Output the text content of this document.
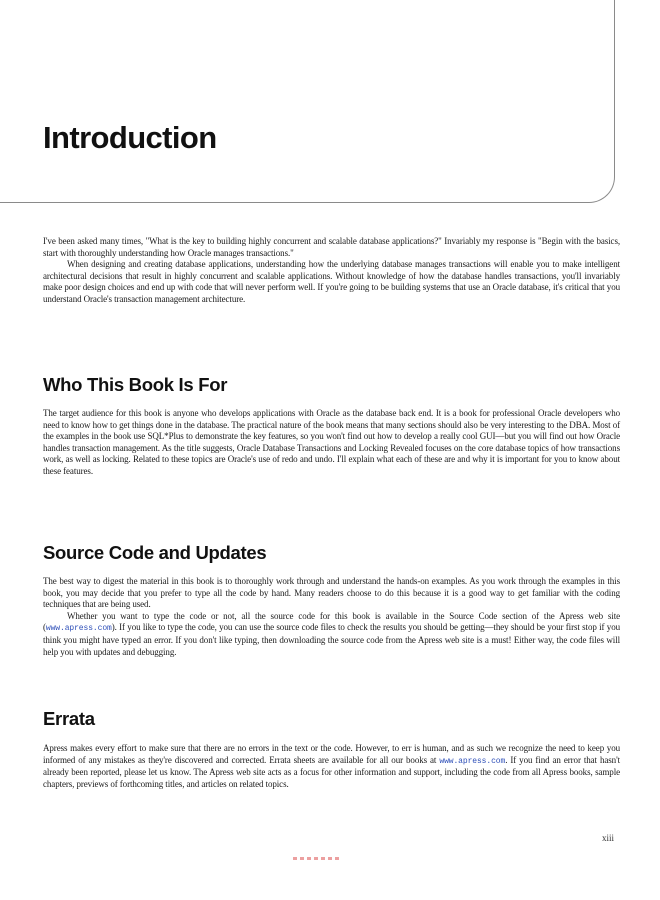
Introduction

I've been asked many times, "What is the key to building highly concurrent and scalable database applications?" Invariably my response is "Begin with the basics, start with thoroughly understanding how Oracle manages transactions."

When designing and creating database applications, understanding how the underlying database manages transactions will enable you to make intelligent architectural decisions that result in highly concurrent and scalable applications. Without knowledge of how the database handles transactions, you'll invariably make poor design choices and end up with code that will never perform well. If you're going to be building systems that use an Oracle database, it's critical that you understand Oracle's transaction management architecture.

Who This Book Is For

The target audience for this book is anyone who develops applications with Oracle as the database back end. It is a book for professional Oracle developers who need to know how to get things done in the database. The practical nature of the book means that many sections should also be very interesting to the DBA. Most of the examples in the book use SQL*Plus to demonstrate the key features, so you won't find out how to develop a really cool GUI—but you will find out how Oracle handles transaction management. As the title suggests, Oracle Database Transactions and Locking Revealed focuses on the core database topics of how transactions work, as well as locking. Related to these topics are Oracle's use of redo and undo. I'll explain what each of these are and why it is important for you to know about these features.

Source Code and Updates

The best way to digest the material in this book is to thoroughly work through and understand the hands-on examples. As you work through the examples in this book, you may decide that you prefer to type all the code by hand. Many readers choose to do this because it is a good way to get familiar with the coding techniques that are being used.

Whether you want to type the code or not, all the source code for this book is available in the Source Code section of the Apress web site (www.apress.com). If you like to type the code, you can use the source code files to check the results you should be getting—they should be your first stop if you think you might have typed an error. If you don't like typing, then downloading the source code from the Apress web site is a must! Either way, the code files will help you with updates and debugging.

Errata

Apress makes every effort to make sure that there are no errors in the text or the code. However, to err is human, and as such we recognize the need to keep you informed of any mistakes as they're discovered and corrected. Errata sheets are available for all our books at www.apress.com. If you find an error that hasn't already been reported, please let us know. The Apress web site acts as a focus for other information and support, including the code from all Apress books, sample chapters, previews of forthcoming titles, and articles on related topics.

xiii
